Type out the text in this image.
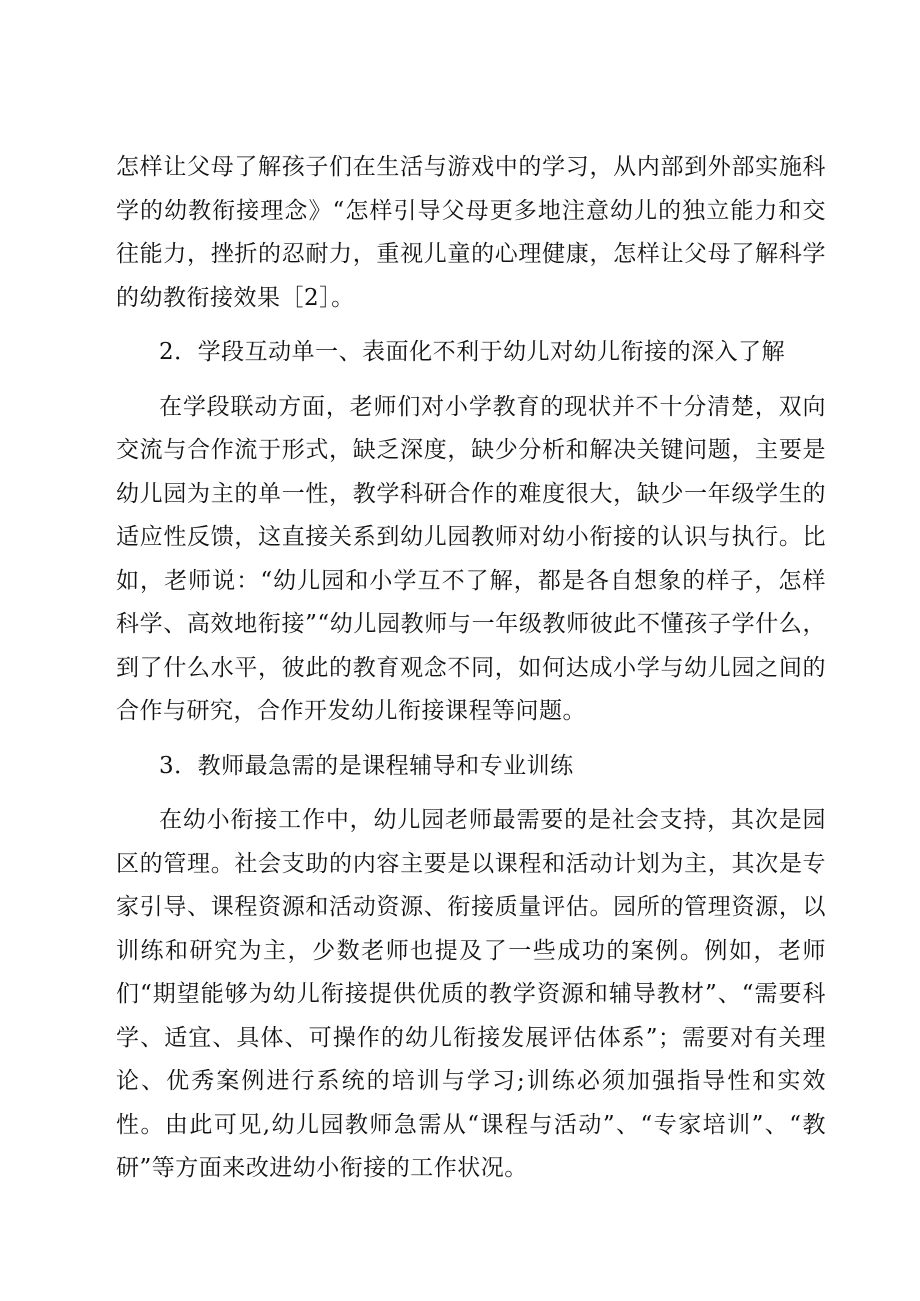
怎样让父母了解孩子们在生活与游戏中的学习，从内部到外部实施科学的幼教衔接理念》“怎样引导父母更多地注意幼儿的独立能力和交往能力，挫折的忍耐力，重视儿童的心理健康，怎样让父母了解科学的幼教衔接效果［2］。

2．学段互动单一、表面化不利于幼儿对幼儿衔接的深入了解

在学段联动方面，老师们对小学教育的现状并不十分清楚，双向交流与合作流于形式，缺乏深度，缺少分析和解决关键问题，主要是幼儿园为主的单一性，教学科研合作的难度很大，缺少一年级学生的适应性反馈，这直接关系到幼儿园教师对幼小衔接的认识与执行。比如，老师说：“幼儿园和小学互不了解，都是各自想象的样子，怎样科学、高效地衔接”“幼儿园教师与一年级教师彼此不懂孩子学什么，到了什么水平，彼此的教育观念不同，如何达成小学与幼儿园之间的合作与研究，合作开发幼儿衔接课程等问题。

3．教师最急需的是课程辅导和专业训练

在幼小衔接工作中，幼儿园老师最需要的是社会支持，其次是园区的管理。社会支助的内容主要是以课程和活动计划为主，其次是专家引导、课程资源和活动资源、衔接质量评估。园所的管理资源，以训练和研究为主，少数老师也提及了一些成功的案例。例如，老师们“期望能够为幼儿衔接提供优质的教学资源和辅导教材”、“需要科学、适宜、具体、可操作的幼儿衔接发展评估体系”；需要对有关理论、优秀案例进行系统的培训与学习;训练必须加强指导性和实效性。由此可见,幼儿园教师急需从“课程与活动”、“专家培训”、“教研”等方面来改进幼小衔接的工作状况。
